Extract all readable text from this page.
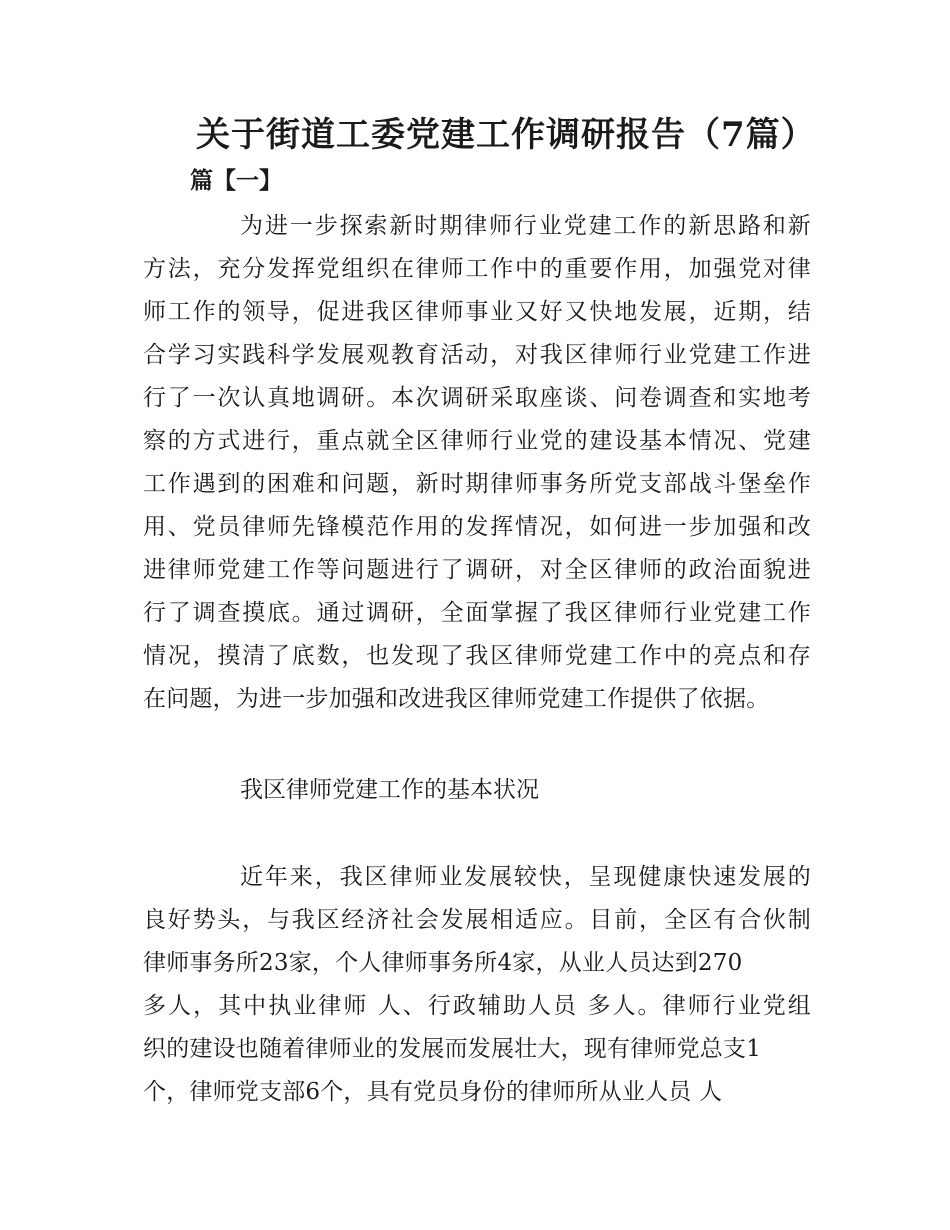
关于街道工委党建工作调研报告（7篇）
篇【一】
为进一步探索新时期律师行业党建工作的新思路和新
方法，充分发挥党组织在律师工作中的重要作用，加强党对律
师工作的领导，促进我区律师事业又好又快地发展，近期，结
合学习实践科学发展观教育活动，对我区律师行业党建工作进
行了一次认真地调研。本次调研采取座谈、问卷调查和实地考
察的方式进行，重点就全区律师行业党的建设基本情况、党建
工作遇到的困难和问题，新时期律师事务所党支部战斗堡垒作
用、党员律师先锋模范作用的发挥情况，如何进一步加强和改
进律师党建工作等问题进行了调研，对全区律师的政治面貌进
行了调查摸底。通过调研，全面掌握了我区律师行业党建工作
情况，摸清了底数，也发现了我区律师党建工作中的亮点和存
在问题，为进一步加强和改进我区律师党建工作提供了依据。
我区律师党建工作的基本状况
近年来，我区律师业发展较快，呈现健康快速发展的
良好势头，与我区经济社会发展相适应。目前，全区有合伙制
律师事务所23家，个人律师事务所4家，从业人员达到270
多人，其中执业律师 人、行政辅助人员 多人。律师行业党组
织的建设也随着律师业的发展而发展壮大，现有律师党总支1
个，律师党支部6个，具有党员身份的律师所从业人员 人
